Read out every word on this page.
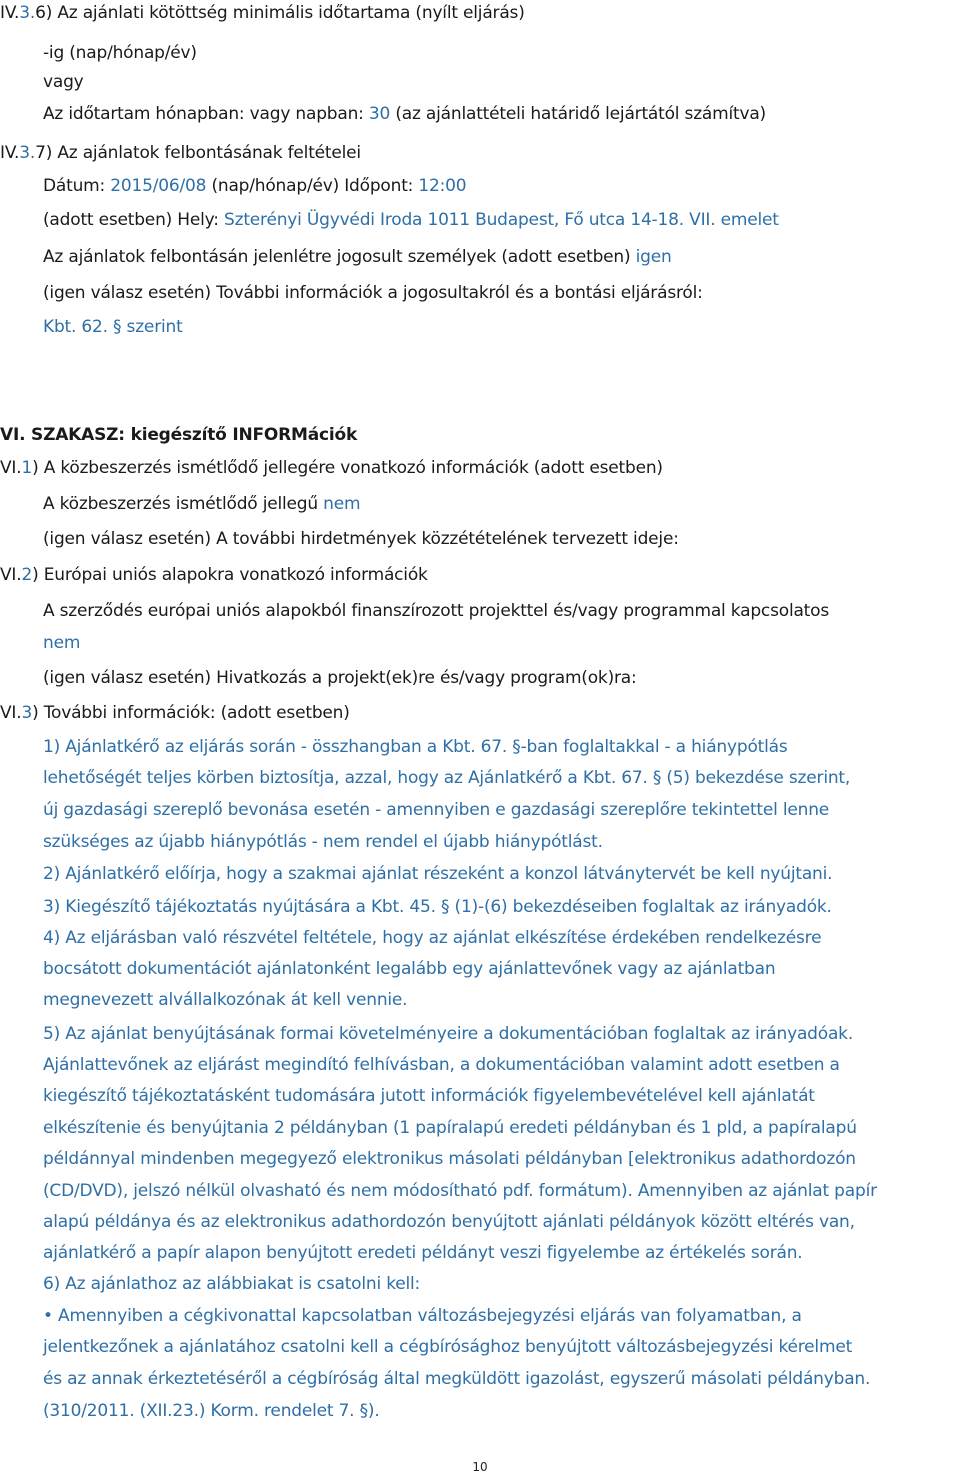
IV.3.6) Az ajánlati kötöttség minimális időtartama (nyílt eljárás)
-ig (nap/hónap/év)
vagy
Az időtartam hónapban: vagy napban: 30 (az ajánlattételi határidő lejártától számítva)
IV.3.7) Az ajánlatok felbontásának feltételei
Dátum: 2015/06/08 (nap/hónap/év) Időpont: 12:00
(adott esetben) Hely: Szterényi Ügyvédi Iroda 1011 Budapest, Fő utca 14-18. VII. emelet
Az ajánlatok felbontásán jelenlétre jogosult személyek (adott esetben) igen
(igen válasz esetén) További információk a jogosultakról és a bontási eljárásról:
Kbt. 62. § szerint
VI. SZAKASZ: kiegészítő INFORMációk
VI.1) A közbeszerzés ismétlődő jellegére vonatkozó információk (adott esetben)
A közbeszerzés ismétlődő jellegű nem
(igen válasz esetén) A további hirdetmények közzétételének tervezett ideje:
VI.2) Európai uniós alapokra vonatkozó információk
A szerződés európai uniós alapokból finanszírozott projekttel és/vagy programmal kapcsolatos
nem
(igen válasz esetén) Hivatkozás a projekt(ek)re és/vagy program(ok)ra:
VI.3) További információk: (adott esetben)
1) Ajánlatkérő az eljárás során - összhangban a Kbt. 67. §-ban foglaltakkal - a hiánypótlás
lehetőségét teljes körben biztosítja, azzal, hogy az Ajánlatkérő a Kbt. 67. § (5) bekezdése szerint,
új gazdasági szereplő bevonása esetén - amennyiben e gazdasági szereplőre tekintettel lenne
szükséges az újabb hiánypótlás - nem rendel el újabb hiánypótlást.
2) Ajánlatkérő előírja, hogy a szakmai ajánlat részeként a konzol látványtervét be kell nyújtani.
3) Kiegészítő tájékoztatás nyújtására a Kbt. 45. § (1)-(6) bekezdéseiben foglaltak az irányadók.
4) Az eljárásban való részvétel feltétele, hogy az ajánlat elkészítése érdekében rendelkezésre
bocsátott dokumentációt ajánlatonként legalább egy ajánlattevőnek vagy az ajánlatban
megnevezett alvállalkozónak át kell vennie.
5) Az ajánlat benyújtásának formai követelményeire a dokumentációban foglaltak az irányadóak.
Ajánlattevőnek az eljárást megindító felhívásban, a dokumentációban valamint adott esetben a
kiegészítő tájékoztatásként tudomására jutott információk figyelembevételével kell ajánlatát
elkészítenie és benyújtania 2 példányban (1 papíralapú eredeti példányban és 1 pld, a papíralapú
példánnyal mindenben megegyező elektronikus másolati példányban [elektronikus adathordozón
(CD/DVD), jelszó nélkül olvasható és nem módosítható pdf. formátum). Amennyiben az ajánlat papír
alapú példánya és az elektronikus adathordozón benyújtott ajánlati példányok között eltérés van,
ajánlatkérő a papír alapon benyújtott eredeti példányt veszi figyelembe az értékelés során.
6) Az ajánlathoz az alábbiakat is csatolni kell:
• Amennyiben a cégkivonattal kapcsolatban változásbejegyzési eljárás van folyamatban, a
jelentkezőnek a ajánlatához csatolni kell a cégbírósághoz benyújtott változásbejegyzési kérelmet
és az annak érkeztetéséről a cégbíróság által megküldött igazolást, egyszerű másolati példányban.
(310/2011. (XII.23.) Korm. rendelet 7. §).
10
